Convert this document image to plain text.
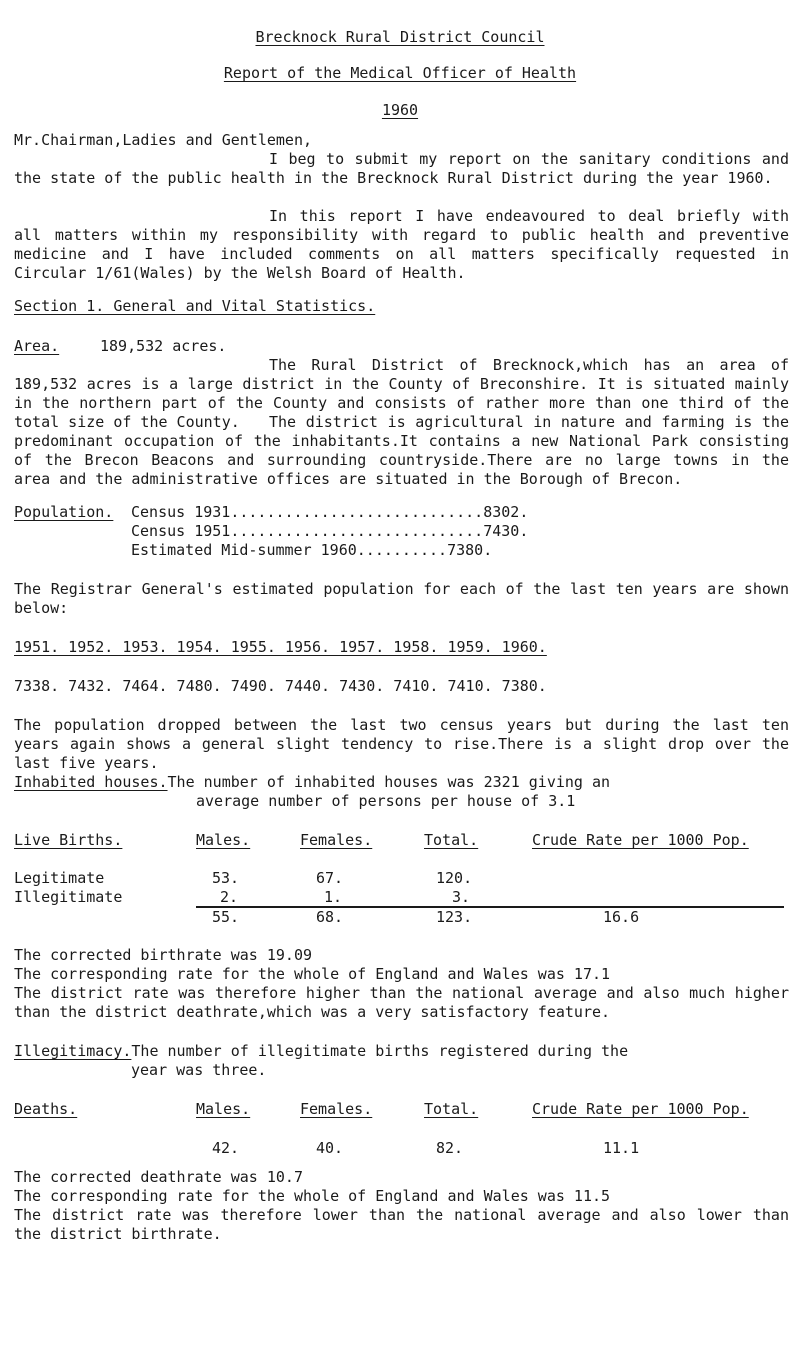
Brecknock Rural District Council
Report of the Medical Officer of Health
1960
Mr.Chairman,Ladies and Gentlemen,
I beg to submit my report on the sanitary conditions and the state of the public health in the Brecknock Rural District during the year 1960.
In this report I have endeavoured to deal briefly with all matters within my responsibility with regard to public health and preventive medicine and I have included comments on all matters specifically requested in Circular 1/61(Wales) by the Welsh Board of Health.
Section 1. General and Vital Statistics.
Area.	189,532 acres.
The Rural District of Brecknock,which has an area of 189,532 acres is a large district in the County of Breconshire. It is situated mainly in the northern part of the County and consists of rather more than one third of the total size of the County.	The district is agricultural in nature and farming is the predominant occupation of the inhabitants.It contains a new National Park consisting of the Brecon Beacons and surrounding countryside.There are no large towns in the area and the administrative offices are situated in the Borough of Brecon.
Population. Census 1931............................8302.
Census 1951............................7430.
Estimated Mid-summer 1960..........7380.
The Registrar General's estimated population for each of the last ten years are shown below:
1951. 1952. 1953. 1954. 1955. 1956. 1957. 1958. 1959. 1960.
7338. 7432. 7464. 7480. 7490. 7440. 7430. 7410. 7410. 7380.
The population dropped between the last two census years but during the last ten years again shows a general slight tendency to rise.There is a slight drop over the last five years.
Inhabited houses.The number of inhabited houses was 2321 giving an
average number of persons per house of 3.1
Live Births.	Males.	Females.	Total.	Crude Rate per 1000 Pop.
Legitimate	53.	67.	120.
Illegitimate	2.	1.	3.
55.	68.	123.	16.6
The corrected birthrate was 19.09
The corresponding rate for the whole of England and Wales was 17.1
The district rate was therefore higher than the national average and also much higher than the district deathrate,which was a very satisfactory feature.
Illegitimacy.The number of illegitimate births registered during the
year was three.
Deaths.	Males.	Females.	Total.	Crude Rate per 1000 Pop.
42.	40.	82.	11.1
The corrected deathrate was 10.7
The corresponding rate for the whole of England and Wales was 11.5
The district rate was therefore lower than the national average and also lower than the district birthrate.
